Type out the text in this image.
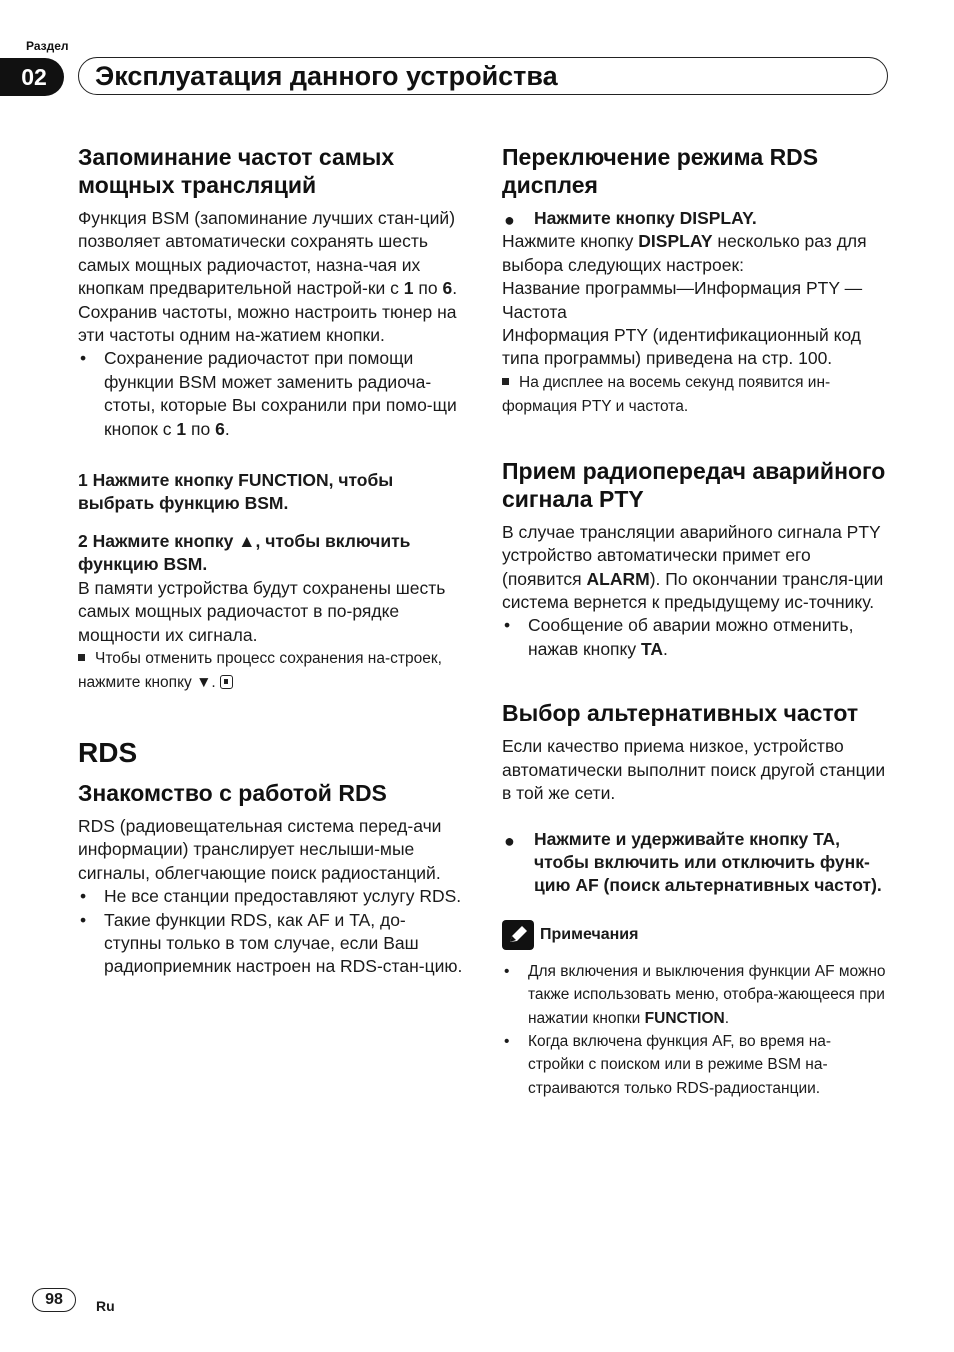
Раздел
02	Эксплуатация данного устройства
Запоминание частот самых мощных трансляций

Функция BSM (запоминание лучших стан-ций) позволяет автоматически сохранять шесть самых мощных радиочастот, назна-чая их кнопкам предварительной настрой-ки с 1 по 6. Сохранив частоты, можно настроить тюнер на эти частоты одним на-жатием кнопки.

• Сохранение радиочастот при помощи функции BSM может заменить радиоча-стоты, которые Вы сохранили при помо-щи кнопок с 1 по 6.

1 Нажмите кнопку FUNCTION, чтобы выбрать функцию BSM.

2 Нажмите кнопку ▲, чтобы включить функцию BSM.

В памяти устройства будут сохранены шесть самых мощных радиочастот в по-рядке мощности их сигнала.

Чтобы отменить процесс сохранения на-строек, нажмите кнопку ▼.

RDS
Знакомство с работой RDS

RDS (радиовещательная система перед-ачи информации) транслирует неслыши-мые сигналы, облегчающие поиск радиостанций.

• Не все станции предоставляют услугу RDS.
• Такие функции RDS, как AF и TA, до-ступны только в том случае, если Ваш радиоприемник настроен на RDS-стан-цию.
Переключение режима RDS дисплея

● Нажмите кнопку DISPLAY.

Нажмите кнопку DISPLAY несколько раз для выбора следующих настроек:

Название программы—Информация PTY —Частота

Информация PTY (идентификационный код типа программы) приведена на стр. 100.

На дисплее на восемь секунд появится ин-формация PTY и частота.

Прием радиопередач аварийного сигнала PTY

В случае трансляции аварийного сигнала PTY устройство автоматически примет его (появится ALARM). По окончании трансля-ции система вернется к предыдущему ис-точнику.

• Сообщение об аварии можно отменить, нажав кнопку TA.
Выбор альтернативных частот

Если качество приема низкое, устройство автоматически выполнит поиск другой станции в той же сети.

● Нажмите и удерживайте кнопку TA, чтобы включить или отключить функ-цию AF (поиск альтернативных частот).

Примечания
• Для включения и выключения функции AF можно также использовать меню, отобра-жающееся при нажатии кнопки FUNCTION.
• Когда включена функция AF, во время на-стройки с поиском или в режиме BSM на-страиваются только RDS-радиостанции.
98	Ru
